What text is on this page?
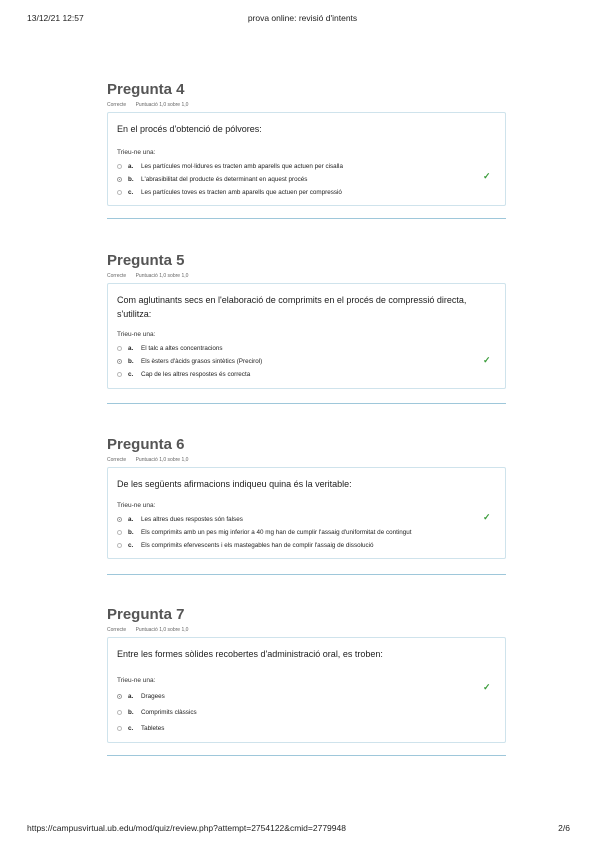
13/12/21 12:57	prova online: revisió d'intents
Pregunta 4
Correcte Puntuació 1,0 sobre 1,0

En el procés d'obtenció de pólvores:

Trieu-ne una:
a.	Les partícules mol·lidures es tracten amb aparells que actuen per cisalla
b.	L'abrasibilitat del producte és determinant en aquest procés
c.	Les partícules toves es tracten amb aparells que actuen per compressió
✓
Pregunta 5
Correcte Puntuació 1,0 sobre 1,0

Com aglutinants secs en l'elaboració de comprimits en el procés de compressió directa, s'utilitza:

Trieu-ne una:
a.	El talc a altes concentracions
b.	Els èsters d'àcids grasos sintètics (Precirol)
c.	Cap de les altres respostes és correcta
✓
Pregunta 6
Correcte Puntuació 1,0 sobre 1,0

De les següents afirmacions indiqueu quina és la veritable:

Trieu-ne una:
a.	Les altres dues respostes són falses
b.	Els comprimits amb un pes mig inferior a 40 mg han de cumplir l'assaig d'uniformitat de contingut
c.	Els comprimits efervescents i els mastegables han de complir l'assaig de dissolució
✓
Pregunta 7
Correcte Puntuació 1,0 sobre 1,0

Entre les formes sòlides recobertes d'administració oral, es troben:

Trieu-ne una:
a.	Dragees
b.	Comprimits clàssics
c.	Tabletes
✓
https://campusvirtual.ub.edu/mod/quiz/review.php?attempt=2754122&cmid=2779948	2/6
